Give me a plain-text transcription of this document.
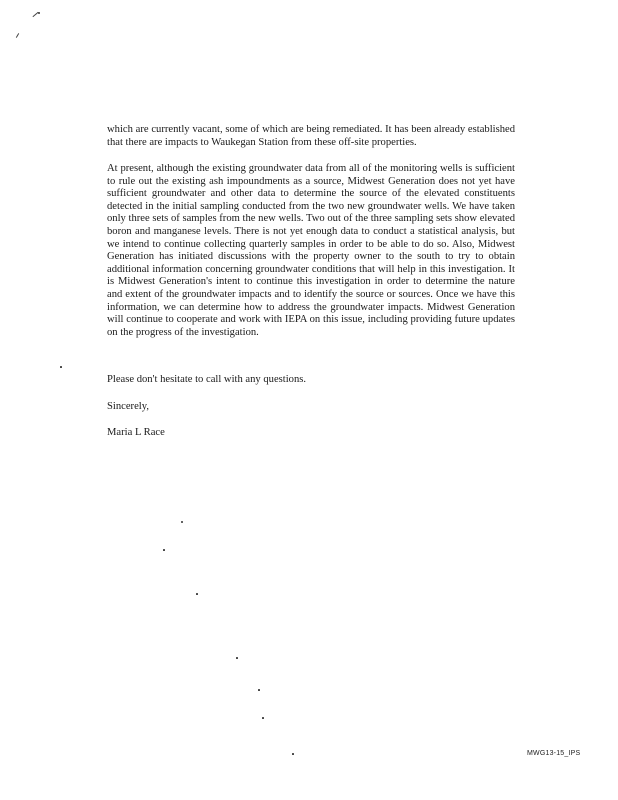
which are currently vacant, some of which are being remediated. It has been already established that there are impacts to Waukegan Station from these off-site properties.

At present, although the existing groundwater data from all of the monitoring wells is sufficient to rule out the existing ash impoundments as a source, Midwest Generation does not yet have sufficient groundwater and other data to determine the source of the elevated constituents detected in the initial sampling conducted from the two new groundwater wells. We have taken only three sets of samples from the new wells. Two out of the three sampling sets show elevated boron and manganese levels. There is not yet enough data to conduct a statistical analysis, but we intend to continue collecting quarterly samples in order to be able to do so. Also, Midwest Generation has initiated discussions with the property owner to the south to try to obtain additional information concerning groundwater conditions that will help in this investigation. It is Midwest Generation's intent to continue this investigation in order to determine the nature and extent of the groundwater impacts and to identify the source or sources. Once we have this information, we can determine how to address the groundwater impacts. Midwest Generation will continue to cooperate and work with IEPA on this issue, including providing future updates on the progress of the investigation.

Please don't hesitate to call with any questions.

Sincerely,

Maria L Race

MWG13-15_IPS
